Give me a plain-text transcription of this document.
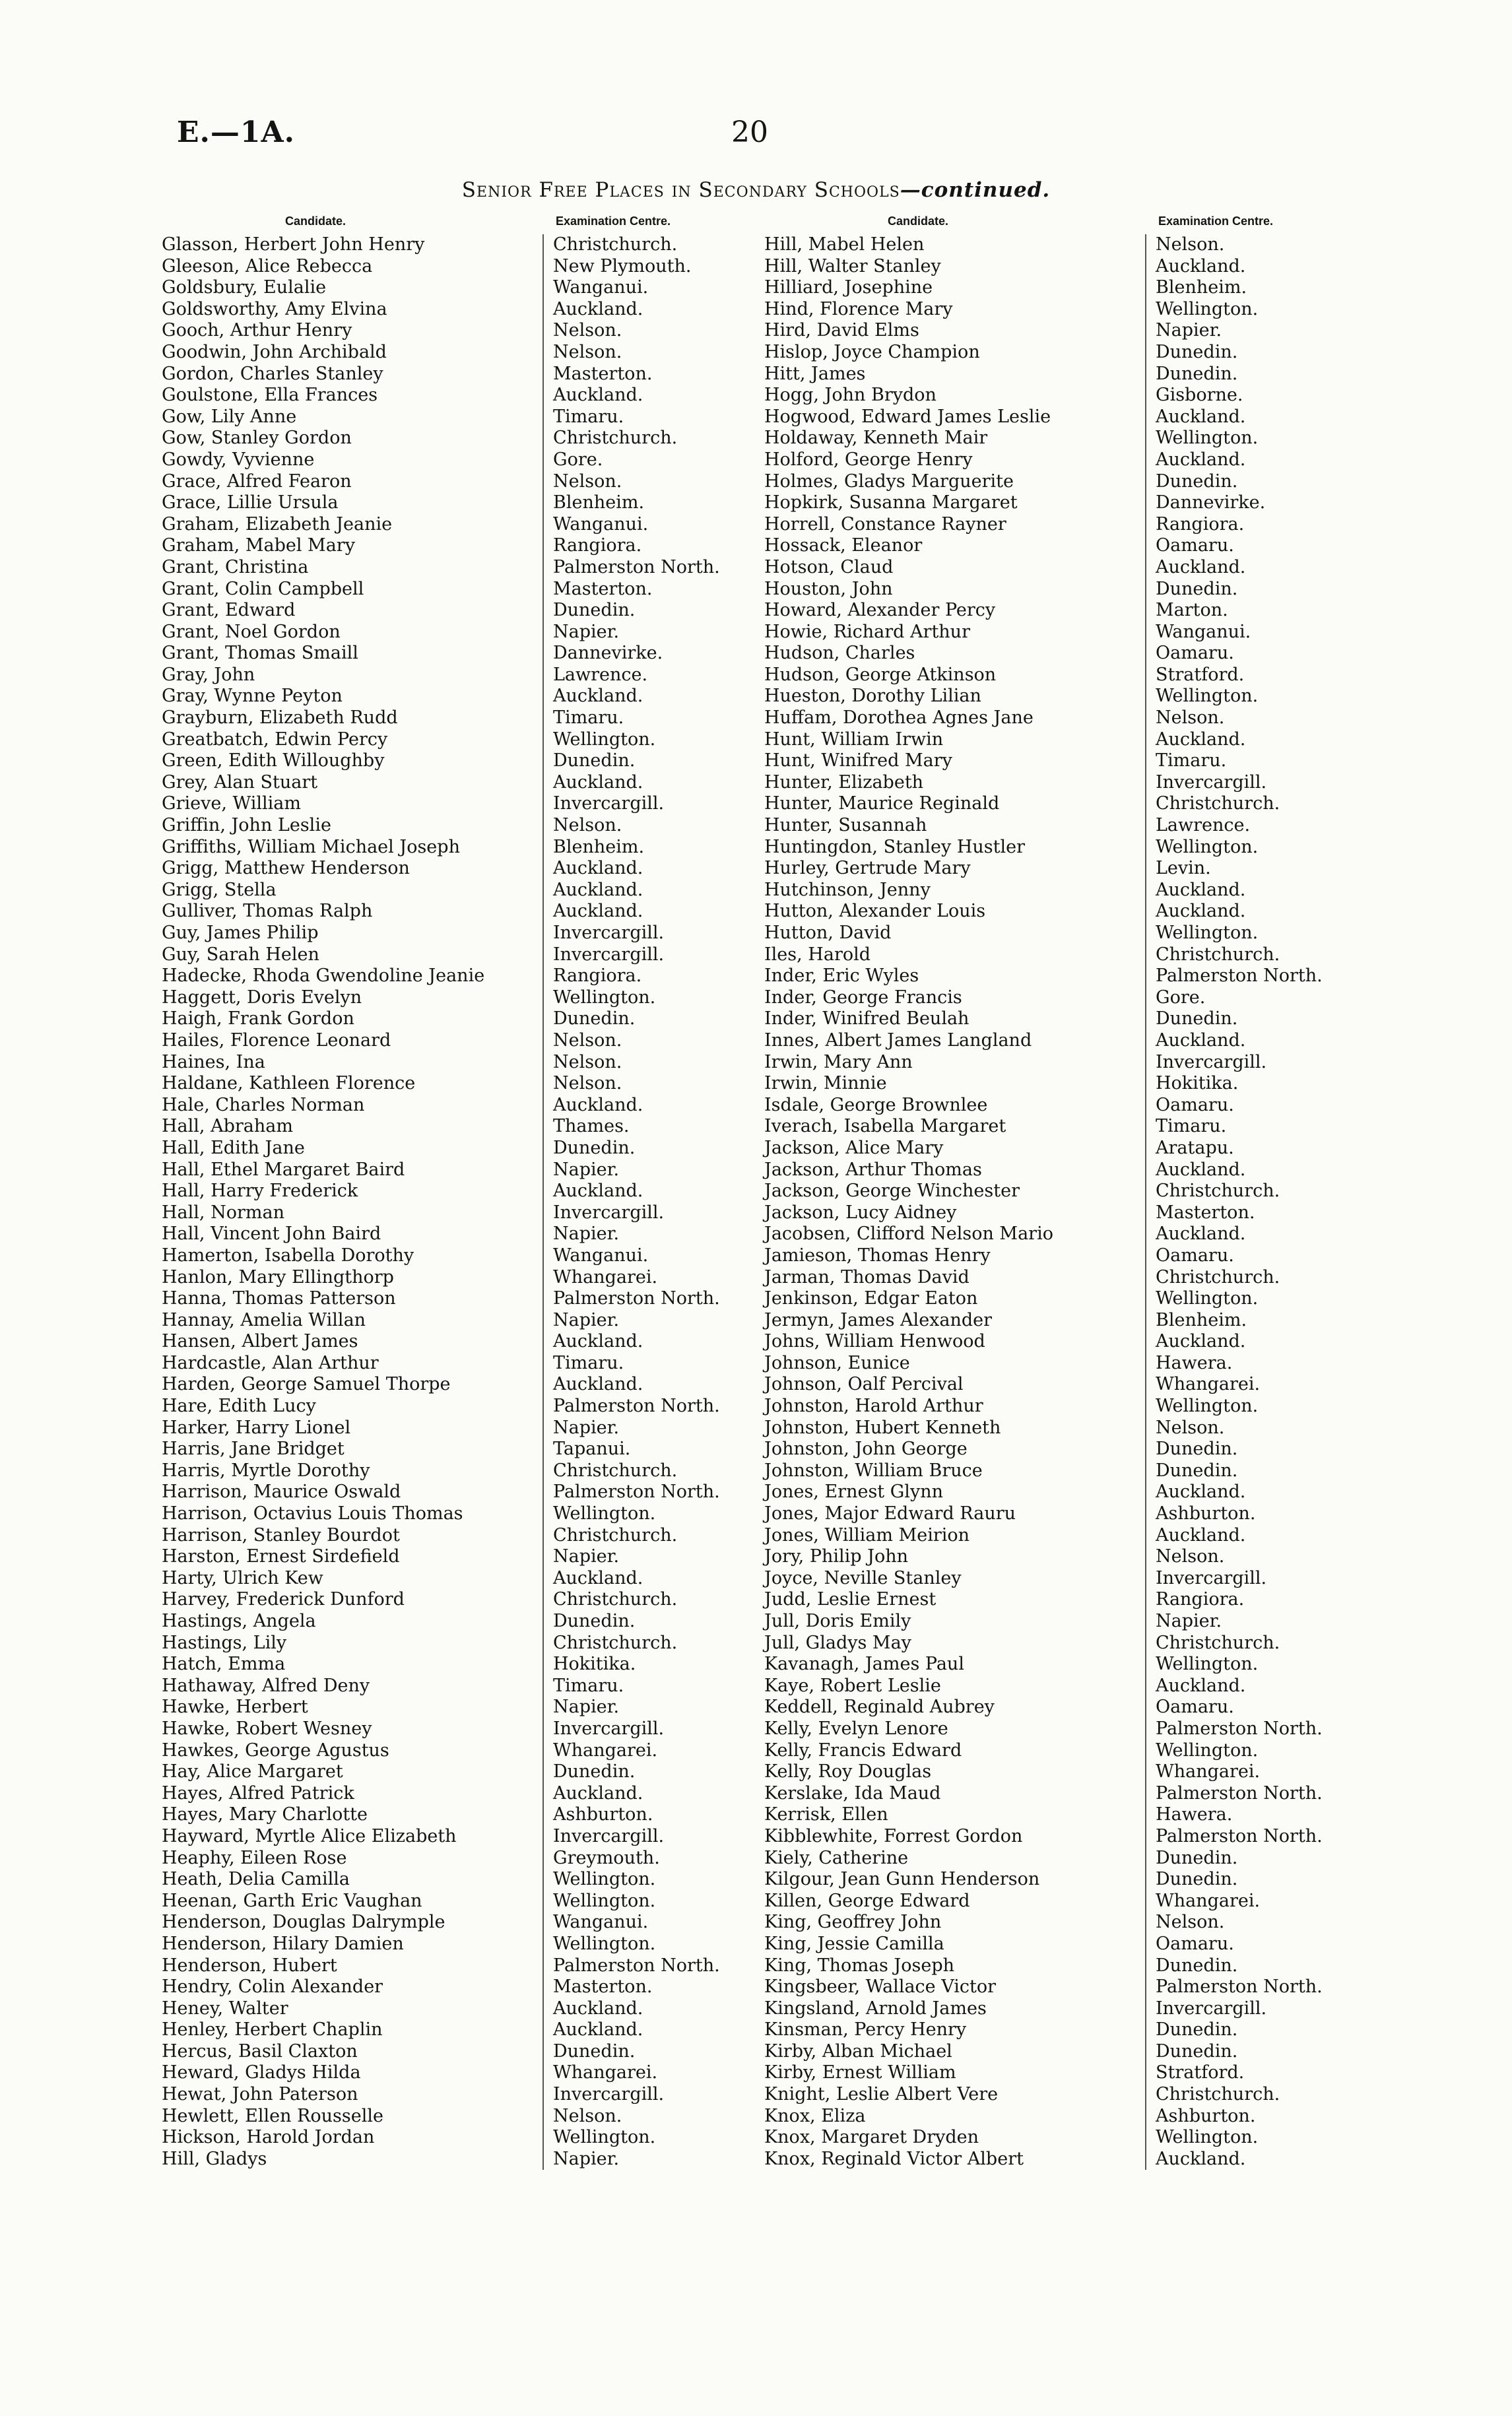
E.—1A.	20
Senior Free Places in Secondary Schools—continued.
Candidate.	Examination Centre.
Glasson, Herbert John Henry	Christchurch.
Gleeson, Alice Rebecca	New Plymouth.
Goldsbury, Eulalie	Wanganui.
Goldsworthy, Amy Elvina	Auckland.
Gooch, Arthur Henry	Nelson.
Goodwin, John Archibald	Nelson.
Gordon, Charles Stanley	Masterton.
Goulstone, Ella Frances	Auckland.
Gow, Lily Anne	Timaru.
Gow, Stanley Gordon	Christchurch.
Gowdy, Vyvienne	Gore.
Grace, Alfred Fearon	Nelson.
Grace, Lillie Ursula	Blenheim.
Graham, Elizabeth Jeanie	Wanganui.
Graham, Mabel Mary	Rangiora.
Grant, Christina	Palmerston North.
Grant, Colin Campbell	Masterton.
Grant, Edward	Dunedin.
Grant, Noel Gordon	Napier.
Grant, Thomas Smaill	Dannevirke.
Gray, John	Lawrence.
Gray, Wynne Peyton	Auckland.
Grayburn, Elizabeth Rudd	Timaru.
Greatbatch, Edwin Percy	Wellington.
Green, Edith Willoughby	Dunedin.
Grey, Alan Stuart	Auckland.
Grieve, William	Invercargill.
Griffin, John Leslie	Nelson.
Griffiths, William Michael Joseph	Blenheim.
Grigg, Matthew Henderson	Auckland.
Grigg, Stella	Auckland.
Gulliver, Thomas Ralph	Auckland.
Guy, James Philip	Invercargill.
Guy, Sarah Helen	Invercargill.
Hadecke, Rhoda Gwendoline Jeanie	Rangiora.
Haggett, Doris Evelyn	Wellington.
Haigh, Frank Gordon	Dunedin.
Hailes, Florence Leonard	Nelson.
Haines, Ina	Nelson.
Haldane, Kathleen Florence	Nelson.
Hale, Charles Norman	Auckland.
Hall, Abraham	Thames.
Hall, Edith Jane	Dunedin.
Hall, Ethel Margaret Baird	Napier.
Hall, Harry Frederick	Auckland.
Hall, Norman	Invercargill.
Hall, Vincent John Baird	Napier.
Hamerton, Isabella Dorothy	Wanganui.
Hanlon, Mary Ellingthorp	Whangarei.
Hanna, Thomas Patterson	Palmerston North.
Hannay, Amelia Willan	Napier.
Hansen, Albert James	Auckland.
Hardcastle, Alan Arthur	Timaru.
Harden, George Samuel Thorpe	Auckland.
Hare, Edith Lucy	Palmerston North.
Harker, Harry Lionel	Napier.
Harris, Jane Bridget	Tapanui.
Harris, Myrtle Dorothy	Christchurch.
Harrison, Maurice Oswald	Palmerston North.
Harrison, Octavius Louis Thomas	Wellington.
Harrison, Stanley Bourdot	Christchurch.
Harston, Ernest Sirdefield	Napier.
Harty, Ulrich Kew	Auckland.
Harvey, Frederick Dunford	Christchurch.
Hastings, Angela	Dunedin.
Hastings, Lily	Christchurch.
Hatch, Emma	Hokitika.
Hathaway, Alfred Deny	Timaru.
Hawke, Herbert	Napier.
Hawke, Robert Wesney	Invercargill.
Hawkes, George Agustus	Whangarei.
Hay, Alice Margaret	Dunedin.
Hayes, Alfred Patrick	Auckland.
Hayes, Mary Charlotte	Ashburton.
Hayward, Myrtle Alice Elizabeth	Invercargill.
Heaphy, Eileen Rose	Greymouth.
Heath, Delia Camilla	Wellington.
Heenan, Garth Eric Vaughan	Wellington.
Henderson, Douglas Dalrymple	Wanganui.
Henderson, Hilary Damien	Wellington.
Henderson, Hubert	Palmerston North.
Hendry, Colin Alexander	Masterton.
Heney, Walter	Auckland.
Henley, Herbert Chaplin	Auckland.
Hercus, Basil Claxton	Dunedin.
Heward, Gladys Hilda	Whangarei.
Hewat, John Paterson	Invercargill.
Hewlett, Ellen Rousselle	Nelson.
Hickson, Harold Jordan	Wellington.
Hill, Gladys	Napier.
Candidate.	Examination Centre.
Hill, Mabel Helen	Nelson.
Hill, Walter Stanley	Auckland.
Hilliard, Josephine	Blenheim.
Hind, Florence Mary	Wellington.
Hird, David Elms	Napier.
Hislop, Joyce Champion	Dunedin.
Hitt, James	Dunedin.
Hogg, John Brydon	Gisborne.
Hogwood, Edward James Leslie	Auckland.
Holdaway, Kenneth Mair	Wellington.
Holford, George Henry	Auckland.
Holmes, Gladys Marguerite	Dunedin.
Hopkirk, Susanna Margaret	Dannevirke.
Horrell, Constance Rayner	Rangiora.
Hossack, Eleanor	Oamaru.
Hotson, Claud	Auckland.
Houston, John	Dunedin.
Howard, Alexander Percy	Marton.
Howie, Richard Arthur	Wanganui.
Hudson, Charles	Oamaru.
Hudson, George Atkinson	Stratford.
Hueston, Dorothy Lilian	Wellington.
Huffam, Dorothea Agnes Jane	Nelson.
Hunt, William Irwin	Auckland.
Hunt, Winifred Mary	Timaru.
Hunter, Elizabeth	Invercargill.
Hunter, Maurice Reginald	Christchurch.
Hunter, Susannah	Lawrence.
Huntingdon, Stanley Hustler	Wellington.
Hurley, Gertrude Mary	Levin.
Hutchinson, Jenny	Auckland.
Hutton, Alexander Louis	Auckland.
Hutton, David	Wellington.
Iles, Harold	Christchurch.
Inder, Eric Wyles	Palmerston North.
Inder, George Francis	Gore.
Inder, Winifred Beulah	Dunedin.
Innes, Albert James Langland	Auckland.
Irwin, Mary Ann	Invercargill.
Irwin, Minnie	Hokitika.
Isdale, George Brownlee	Oamaru.
Iverach, Isabella Margaret	Timaru.
Jackson, Alice Mary	Aratapu.
Jackson, Arthur Thomas	Auckland.
Jackson, George Winchester	Christchurch.
Jackson, Lucy Aidney	Masterton.
Jacobsen, Clifford Nelson Mario	Auckland.
Jamieson, Thomas Henry	Oamaru.
Jarman, Thomas David	Christchurch.
Jenkinson, Edgar Eaton	Wellington.
Jermyn, James Alexander	Blenheim.
Johns, William Henwood	Auckland.
Johnson, Eunice	Hawera.
Johnson, Oalf Percival	Whangarei.
Johnston, Harold Arthur	Wellington.
Johnston, Hubert Kenneth	Nelson.
Johnston, John George	Dunedin.
Johnston, William Bruce	Dunedin.
Jones, Ernest Glynn	Auckland.
Jones, Major Edward Rauru	Ashburton.
Jones, William Meirion	Auckland.
Jory, Philip John	Nelson.
Joyce, Neville Stanley	Invercargill.
Judd, Leslie Ernest	Rangiora.
Jull, Doris Emily	Napier.
Jull, Gladys May	Christchurch.
Kavanagh, James Paul	Wellington.
Kaye, Robert Leslie	Auckland.
Keddell, Reginald Aubrey	Oamaru.
Kelly, Evelyn Lenore	Palmerston North.
Kelly, Francis Edward	Wellington.
Kelly, Roy Douglas	Whangarei.
Kerslake, Ida Maud	Palmerston North.
Kerrisk, Ellen	Hawera.
Kibblewhite, Forrest Gordon	Palmerston North.
Kiely, Catherine	Dunedin.
Kilgour, Jean Gunn Henderson	Dunedin.
Killen, George Edward	Whangarei.
King, Geoffrey John	Nelson.
King, Jessie Camilla	Oamaru.
King, Thomas Joseph	Dunedin.
Kingsbeer, Wallace Victor	Palmerston North.
Kingsland, Arnold James	Invercargill.
Kinsman, Percy Henry	Dunedin.
Kirby, Alban Michael	Dunedin.
Kirby, Ernest William	Stratford.
Knight, Leslie Albert Vere	Christchurch.
Knox, Eliza	Ashburton.
Knox, Margaret Dryden	Wellington.
Knox, Reginald Victor Albert	Auckland.
